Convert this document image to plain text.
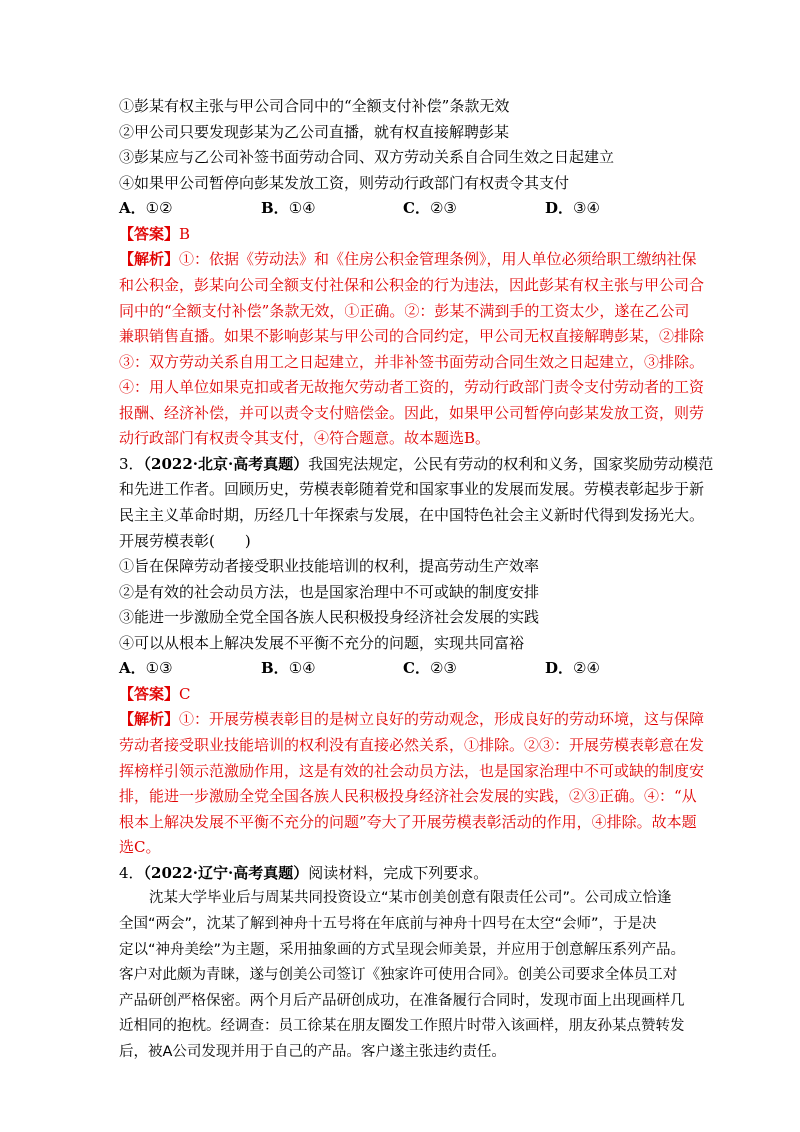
①彭某有权主张与甲公司合同中的“全额支付补偿”条款无效
②甲公司只要发现彭某为乙公司直播，就有权直接解聘彭某
③彭某应与乙公司补签书面劳动合同、双方劳动关系自合同生效之日起建立
④如果甲公司暂停向彭某发放工资，则劳动行政部门有权责令其支付
A．①②	B．①④	C．②③	D．③④
【答案】B
【解析】①：依据《劳动法》和《住房公积金管理条例》，用人单位必须给职工缴纳社保
和公积金，彭某向公司全额支付社保和公积金的行为违法，因此彭某有权主张与甲公司合
同中的“全额支付补偿”条款无效，①正确。②：彭某不满到手的工资太少，遂在乙公司
兼职销售直播。如果不影响彭某与甲公司的合同约定，甲公司无权直接解聘彭某，②排除
③：双方劳动关系自用工之日起建立，并非补签书面劳动合同生效之日起建立，③排除。
④：用人单位如果克扣或者无故拖欠劳动者工资的，劳动行政部门责令支付劳动者的工资
报酬、经济补偿，并可以责令支付赔偿金。因此，如果甲公司暂停向彭某发放工资，则劳
动行政部门有权责令其支付，④符合题意。故本题选B。
3．（2022·北京·高考真题）我国宪法规定，公民有劳动的权利和义务，国家奖励劳动模范
和先进工作者。回顾历史，劳模表彰随着党和国家事业的发展而发展。劳模表彰起步于新
民主主义革命时期，历经几十年探索与发展，在中国特色社会主义新时代得到发扬光大。
开展劳模表彰(　　)
①旨在保障劳动者接受职业技能培训的权利，提高劳动生产效率
②是有效的社会动员方法，也是国家治理中不可或缺的制度安排
③能进一步激励全党全国各族人民积极投身经济社会发展的实践
④可以从根本上解决发展不平衡不充分的问题，实现共同富裕
A．①③	B．①④	C．②③	D．②④
【答案】C
【解析】①：开展劳模表彰目的是树立良好的劳动观念，形成良好的劳动环境，这与保障
劳动者接受职业技能培训的权利没有直接必然关系，①排除。②③：开展劳模表彰意在发
挥榜样引领示范激励作用，这是有效的社会动员方法，也是国家治理中不可或缺的制度安
排，能进一步激励全党全国各族人民积极投身经济社会发展的实践，②③正确。④：“从
根本上解决发展不平衡不充分的问题”夸大了开展劳模表彰活动的作用，④排除。故本题
选C。
4．（2022·辽宁·高考真题）阅读材料，完成下列要求。
沈某大学毕业后与周某共同投资设立“某市创美创意有限责任公司”。公司成立恰逢
全国“两会”，沈某了解到神舟十五号将在年底前与神舟十四号在太空“会师”，于是决
定以“神舟美绘”为主题，采用抽象画的方式呈现会师美景，并应用于创意解压系列产品。
客户对此颇为青睐，遂与创美公司签订《独家许可使用合同》。创美公司要求全体员工对
产品研创严格保密。两个月后产品研创成功，在准备履行合同时，发现市面上出现画样几
近相同的抱枕。经调查：员工徐某在朋友圈发工作照片时带入该画样，朋友孙某点赞转发
后，被A公司发现并用于自己的产品。客户遂主张违约责任。
